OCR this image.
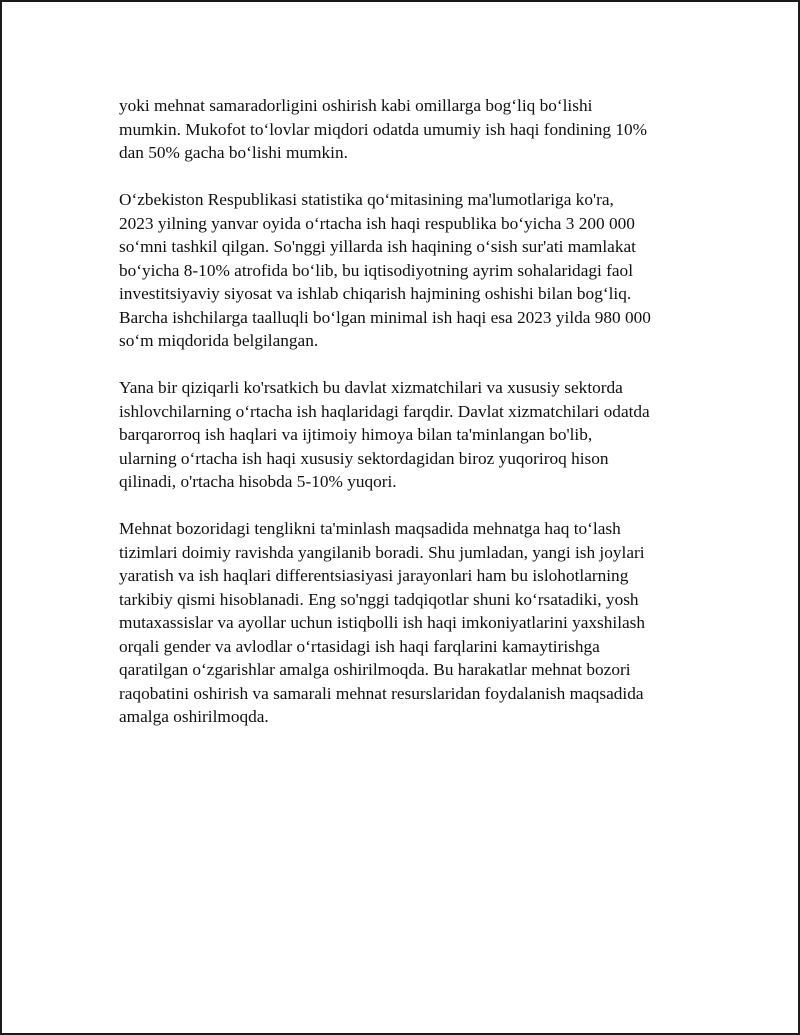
yoki mehnat samaradorligini oshirish kabi omillarga bog‘liq bo‘lishi
mumkin. Mukofot to‘lovlar miqdori odatda umumiy ish haqi fondining 10%
dan 50% gacha bo‘lishi mumkin.

O‘zbekiston Respublikasi statistika qo‘mitasining ma'lumotlariga ko'ra,
2023 yilning yanvar oyida o‘rtacha ish haqi respublika bo‘yicha 3 200 000
so‘mni tashkil qilgan. So'nggi yillarda ish haqining o‘sish sur'ati mamlakat
bo‘yicha 8-10% atrofida bo‘lib, bu iqtisodiyotning ayrim sohalaridagi faol
investitsiyaviy siyosat va ishlab chiqarish hajmining oshishi bilan bog‘liq.
Barcha ishchilarga taalluqli bo‘lgan minimal ish haqi esa 2023 yilda 980 000
so‘m miqdorida belgilangan.

Yana bir qiziqarli ko'rsatkich bu davlat xizmatchilari va xususiy sektorda
ishlovchilarning o‘rtacha ish haqlaridagi farqdir. Davlat xizmatchilari odatda
barqarorroq ish haqlari va ijtimoiy himoya bilan ta'minlangan bo'lib,
ularning o‘rtacha ish haqi xususiy sektordagidan biroz yuqoriroq hison
qilinadi, o'rtacha hisobda 5-10% yuqori.

Mehnat bozoridagi tenglikni ta'minlash maqsadida mehnatga haq to‘lash
tizimlari doimiy ravishda yangilanib boradi. Shu jumladan, yangi ish joylari
yaratish va ish haqlari differentsiasiyasi jarayonlari ham bu islohotlarning
tarkibiy qismi hisoblanadi. Eng so'nggi tadqiqotlar shuni ko‘rsatadiki, yosh
mutaxassislar va ayollar uchun istiqbolli ish haqi imkoniyatlarini yaxshilash
orqali gender va avlodlar o‘rtasidagi ish haqi farqlarini kamaytirishga
qaratilgan o‘zgarishlar amalga oshirilmoqda. Bu harakatlar mehnat bozori
raqobatini oshirish va samarali mehnat resurslaridan foydalanish maqsadida
amalga oshirilmoqda.
